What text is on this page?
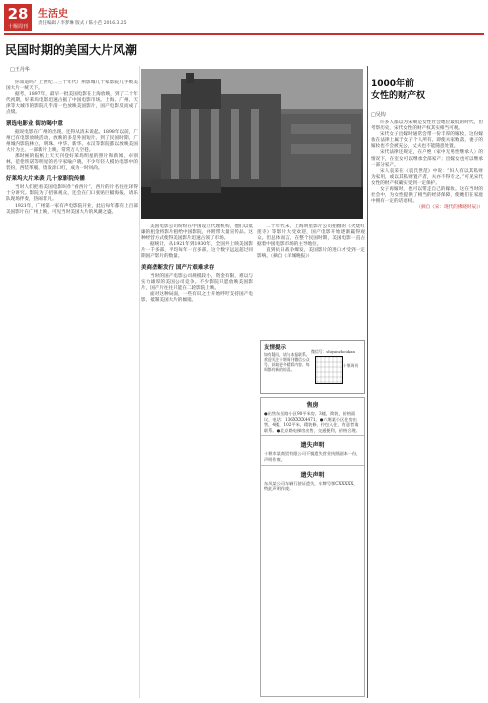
28
十堰周刊
生活史
责任编辑 / 李梦琳 版式 / 陈小芭 2016.3.25
民国时期的美国大片风潮
□王丹华

你知道吗？上世纪二三十年代广州影城几十家影院几乎被美国大片一统天下。

据考，1897年，最早一批美国电影在上海放映，到了二十年代初期，好莱坞电影迅速占据了中国电影市场。上海、广州、天津等大城市的影院几乎清一色放映美国影片，国产电影反而成了点缀。

票选电影业 街坊喝中意

据说电影在广州的出现，还得从清末说起。1898年以前，广州已有电影放映活动，放映的多是外国短片。到了民国时期，广州城内影院林立，明珠、中华、新华、永汉等影院都以放映美国大片为主，一部新片上映，常常万人空巷。

那时候的报纸上天天刊登好莱坞明星的照片和新闻，卓别林、范伦铁诺等明星的名字家喻户晓。不少年轻人模仿电影中的装扮，西装革履、烫发涂口红，成为一时风尚。

好莱坞大片来袭 几十家影院传播

当时人们把看美国电影叫作“看西片”，西片的片名往往译得十分讲究。影院为了招徕观众，还会在门口张贴巨幅海报，请乐队现场伴奏，热闹非凡。

1921年，广州第一家有声电影院开业，此后每年都有上百部美国影片在广州上映，可见当时美国大片的风潮之盛。

美国电影公司纷纷在中国设立代理机构，他们以低廉的租金将影片租给中国影院，并附带大量宣传品。这种经营方式使得美国影片迅速占领了市场。

据统计，从1921年到1930年，全国共上映美国影片一千多部，平均每年一百多部，这个数字远远超过同期国产影片的数量。

美商垄断发行 国产片艰难求存

当时的国产电影公司规模较小，资金有限，难以与实力雄厚的美国公司竞争。不少影院只愿放映美国影片，国产片往往只能在二轮影院上映。

面对这种局面，一些有识之士开始呼吁支持国产电影，抵制美国大片的倾销。

二十年代末，上海明星影片公司拍摄的《火烧红莲寺》等影片大受欢迎，国产电影开始逐渐赢得观众。但总体而言，在整个民国时期，美国电影一直占据着中国电影市场的主导地位。

直到抗日战争爆发，美国影片的进口才受到一定影响。（摘自《羊城晚报》）

友情提示
如有疑问，请与本报联系。欢迎关注十堰周刊微信公众号，获取更多精彩内容，每周都有新的惊喜。
微信号：shiyanzhoukan
十堰周刊
售房
●出售东岳路小区90平米房，3楼，简装，价格面议，电话：136XXXX4471。●六堰某小区住房出售，4楼，102平米，精装修，拎包入住，有意者请联系。●北京路电梯房出售，交通便利，价格合理。
遗失声明
十堰市某商贸有限公司不慎遗失营业执照副本一份，声明作废。
遗失声明
东风某公司车辆行驶证遗失，车牌号鄂CXXXXX，特此声明作废。
1000年前
女性的财产权
□吴钩

许多人都以为宋朝是女性社会地位最低的时代，但考察历史，宋代女性的财产权其实相当可观。

宋代女子出嫁时通常会带一份丰厚的嫁妆，这份嫁妆在法律上属于女子个人所有。即使夫家败落，妻子的嫁妆也不会被充公，丈夫也不能随意处置。

宋代法律还规定，在户绝（家中无男性继承人）的情况下，在室女可以继承全部家产；出嫁女也可以继承一部分家产。

宋人袁采在《袁氏世范》中说：“妇人有以其私财为家用，或以其私财置产者，夫亦不得专之。”可见宋代女性的财产权确实受到一定保护。

女子再嫁时，也可以带走自己的嫁妆。这在当时的社会中，为女性提供了相当的经济保障，使她们在家庭中拥有一定的话语权。

（摘自《宋：现代的拂晓时辰》）
